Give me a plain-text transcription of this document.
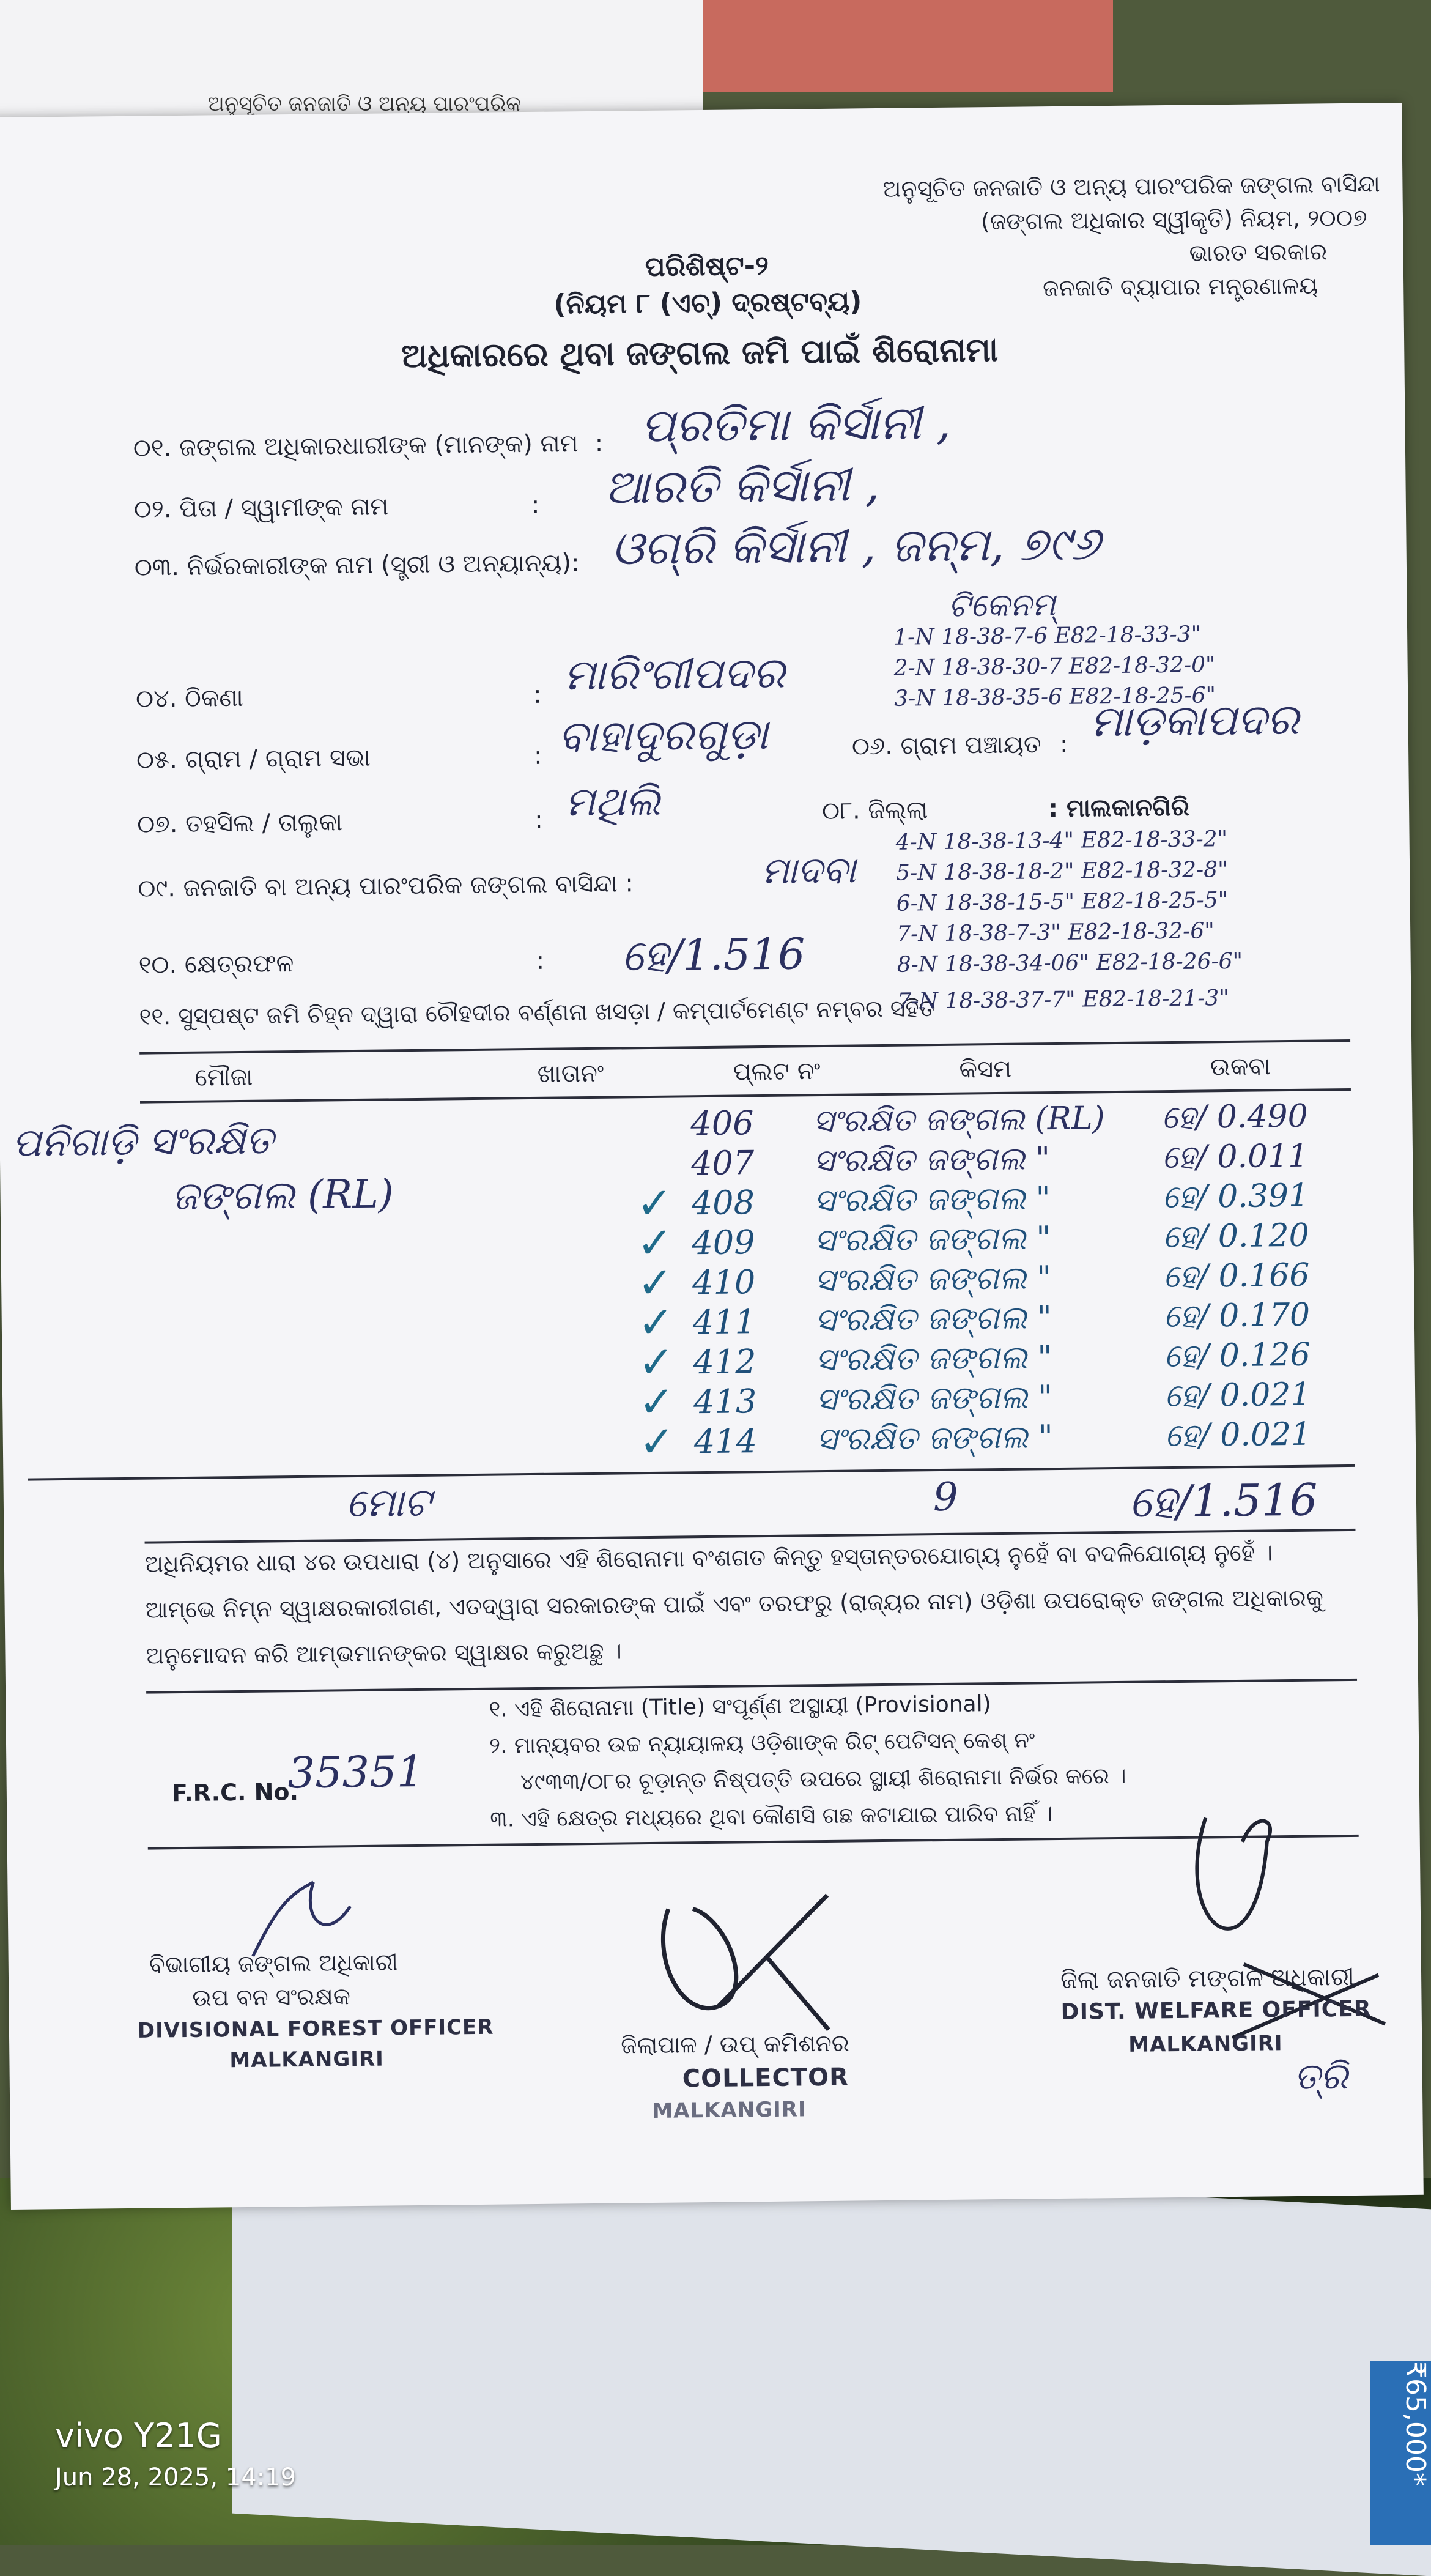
₹65,000*
ଅନୁସୂଚିତ ଜନଜାତି ଓ ଅନ୍ୟ ପାରଂପରିକ
ଅନୁସୂଚିତ ଜନଜାତି ଓ ଅନ୍ୟ ପାରଂପରିକ ଜଙ୍ଗଲ ବାସିନ୍ଦା
(ଜଙ୍ଗଲ ଅଧିକାର ସ୍ୱୀକୃତି) ନିୟମ, ୨୦୦୭
ଭାରତ ସରକାର
ଜନଜାତି ବ୍ୟାପାର ମନ୍ତ୍ରଣାଳୟ
ପରିଶିଷ୍ଟ-୨
(ନିୟମ ୮ (ଏଚ୍) ଦ୍ରଷ୍ଟବ୍ୟ)
ଅଧିକାରରେ ଥିବା ଜଙ୍ଗଲ ଜମି ପାଇଁ ଶିରୋନାମା
୦୧. ଜଙ୍ଗଲ ଅଧିକାରଧାରୀଙ୍କ (ମାନଙ୍କ) ନାମ : ପ୍ରତିମା କିର୍ସାନୀ ,
୦୨. ପିତା / ସ୍ୱାମୀଙ୍କ ନାମ	: ଆରତି କିର୍ସାନୀ ,
୦୩. ନିର୍ଭରକାରୀଙ୍କ ନାମ (ସ୍ତ୍ରୀ ଓ ଅନ୍ୟାନ୍ୟ): ଓଗ୍ରି କିର୍ସାନୀ , ଜନ୍ମ, ୭୯୬
ଟିକେନମ୍
1-N 18-38-7-6 E82-18-33-3"
2-N 18-38-30-7 E82-18-32-0"
3-N 18-38-35-6 E82-18-25-6"
୦୪. ଠିକଣା	: ମାରିଂଗୀପଦର
୦୫. ଗ୍ରାମ / ଗ୍ରାମ ସଭା	: ବାହାଦୁରଗୁଡ଼ା	୦୬. ଗ୍ରାମ ପଞ୍ଚାୟତ : ମାଡ଼କାପଦର
୦୭. ତହସିଲ / ତାଲୁକା	: ମଥିଲି	୦୮. ଜିଲ୍ଲା	: ମାଲକାନଗିରି
4-N 18-38-13-4" E82-18-33-2"
5-N 18-38-18-2" E82-18-32-8"
୦୯. ଜନଜାତି ବା ଅନ୍ୟ ପାରଂପରିକ ଜଙ୍ଗଲ ବାସିନ୍ଦା :	ମାଦବା
6-N 18-38-15-5" E82-18-25-5"
7-N 18-38-7-3" E82-18-32-6"
8-N 18-38-34-06" E82-18-26-6"
୧୦. କ୍ଷେତ୍ରଫଳ	: ହେ/1.516
୧୧. ସୁସ୍ପଷ୍ଟ ଜମି ଚିହ୍ନ ଦ୍ୱାରା ଚୌହଦୀର ବର୍ଣ୍ଣନା ଖସଡ଼ା / କମ୍ପାର୍ଟମେଣ୍ଟ ନମ୍ବର ସହିତ
7-N 18-38-37-7" E82-18-21-3"
ମୌଜା	ଖାତାନଂ	ପ୍ଲଟ ନଂ	କିସମ	ଉକବା
ପନିଗାଡ଼ି ସଂରକ୍ଷିତ
ଜଙ୍ଗଲ (RL)
406 ସଂରକ୍ଷିତ ଜଙ୍ଗଲ (RL) ହେ/ 0.490
407 ସଂରକ୍ଷିତ ଜଙ୍ଗଲ "	ହେ/ 0.011
✓ 408 ସଂରକ୍ଷିତ ଜଙ୍ଗଲ "	ହେ/ 0.391
✓ 409 ସଂରକ୍ଷିତ ଜଙ୍ଗଲ "	ହେ/ 0.120
✓ 410 ସଂରକ୍ଷିତ ଜଙ୍ଗଲ "	ହେ/ 0.166
✓ 411 ସଂରକ୍ଷିତ ଜଙ୍ଗଲ "	ହେ/ 0.170
✓ 412 ସଂରକ୍ଷିତ ଜଙ୍ଗଲ "	ହେ/ 0.126
✓ 413 ସଂରକ୍ଷିତ ଜଙ୍ଗଲ "	ହେ/ 0.021
✓ 414 ସଂରକ୍ଷିତ ଜଙ୍ଗଲ "	ହେ/ 0.021
ମୋଟ	9	ହେ/1.516
ଅଧିନିୟମର ଧାରା ୪ର ଉପଧାରା (୪) ଅନୁସାରେ ଏହି ଶିରୋନାମା ବଂଶଗତ କିନ୍ତୁ ହସ୍ତାନ୍ତରଯୋଗ୍ୟ ନୁହେଁ ବା ବଦଳିଯୋଗ୍ୟ ନୁହେଁ ।
ଆମ୍ଭେ ନିମ୍ନ ସ୍ୱାକ୍ଷରକାରୀଗଣ, ଏତଦ୍ୱାରା ସରକାରଙ୍କ ପାଇଁ ଏବଂ ତରଫରୁ (ରାଜ୍ୟର ନାମ) ଓଡ଼ିଶା ଉପରୋକ୍ତ ଜଙ୍ଗଲ ଅଧିକାରକୁ
ଅନୁମୋଦନ କରି ଆମ୍ଭମାନଙ୍କର ସ୍ୱାକ୍ଷର କରୁଅଛୁ ।
୧. ଏହି ଶିରୋନାମା (Title) ସଂପୂର୍ଣ୍ଣ ଅସ୍ଥାୟୀ (Provisional)
୨. ମାନ୍ୟବର ଉଚ୍ଚ ନ୍ୟାୟାଳୟ ଓଡ଼ିଶାଙ୍କ ରିଟ୍ ପେଟିସନ୍ କେଶ୍ ନଂ
୪୯୩୩/୦୮ର ଚୂଡ଼ାନ୍ତ ନିଷ୍ପତ୍ତି ଉପରେ ସ୍ଥାୟୀ ଶିରୋନାମା ନିର୍ଭର କରେ ।
୩. ଏହି କ୍ଷେତ୍ର ମଧ୍ୟରେ ଥିବା କୌଣସି ଗଛ କଟାଯାଇ ପାରିବ ନାହିଁ ।
F.R.C. No.
35351
ବିଭାଗୀୟ ଜଙ୍ଗଲ ଅଧିକାରୀ
ଉପ ବନ ସଂରକ୍ଷକ
DIVISIONAL FOREST OFFICER
MALKANGIRI
ଜିଲାପାଳ / ଉପ୍ କମିଶନର
COLLECTOR
MALKANGIRI
ଜିଲା ଜନଜାତି ମଙ୍ଗଳ ଅଧିକାରୀ
DIST. WELFARE OFFICER
MALKANGIRI
ତ୍ରି
vivo Y21G
Jun 28, 2025, 14:19
